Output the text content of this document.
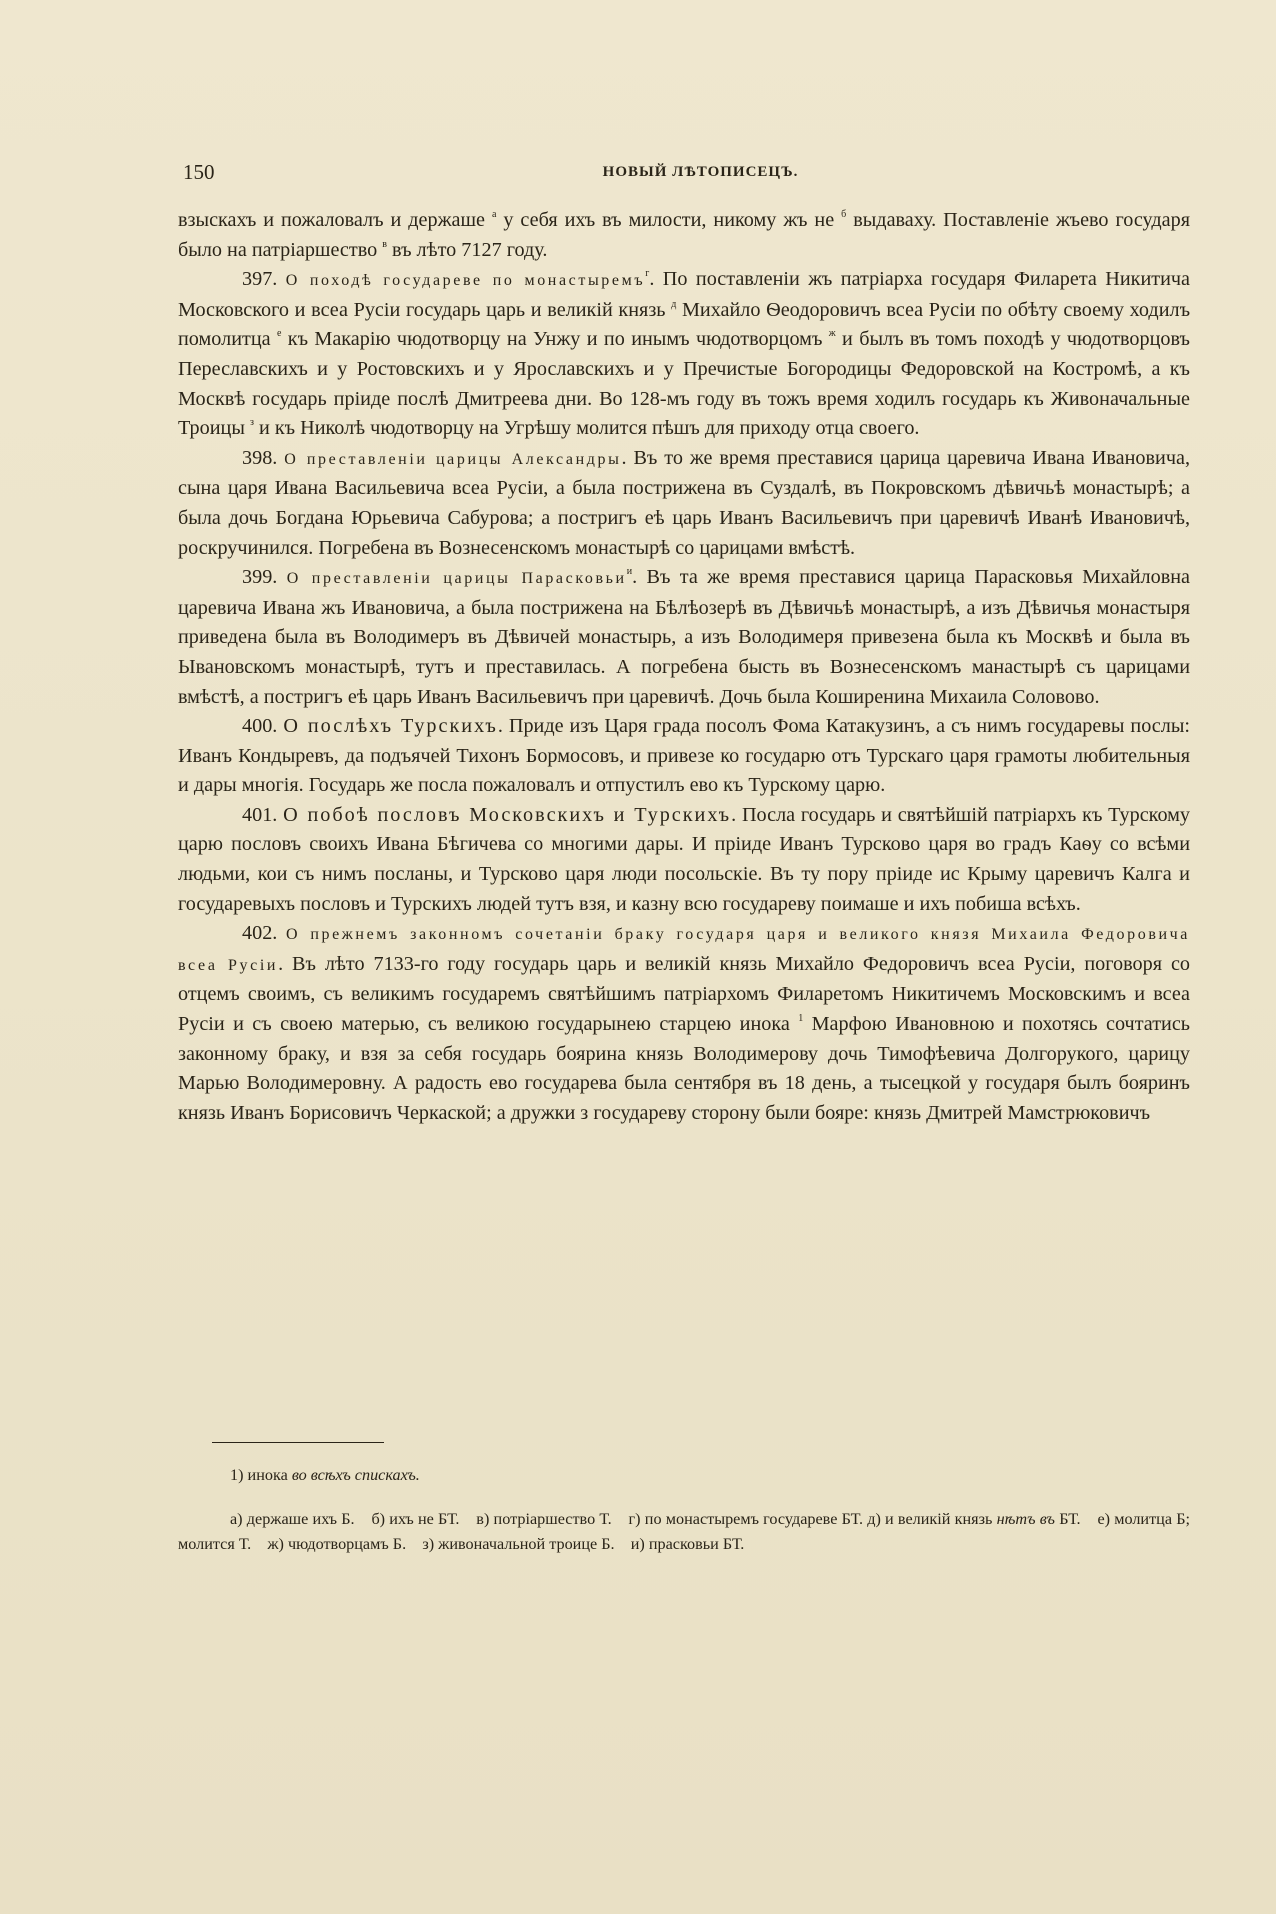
150	НОВЫЙ ЛѢТОПИСЕЦЪ.

взыскахъ и пожаловалъ и держаше $^а$ у себя ихъ въ милости, никому жъ не $^б$ выдаваху. Поставленіе жъево государя было на патріаршество $^в$ въ лѣто 7127 году.

397. О походѣ государеве по монастыремъ$^г$. По поставленіи жъ патріарха государя Филарета Никитича Московского и всеа Русіи государь царь и великій князь $^д$ Михайло Ѳеодоровичъ всеа Русіи по обѣту своему ходилъ помолитца $^е$ къ Макарію чюдотворцу на Унжу и по инымъ чюдотворцомъ $^ж$ и былъ въ томъ походѣ у чюдотворцовъ Переславскихъ и у Ростовскихъ и у Ярославскихъ и у Пречистые Богородицы Федоровской на Костромѣ, а къ Москвѣ государь пріиде послѣ Дмитреева дни. Во 128-мъ году въ тожъ время ходилъ государь къ Живоначальные Троицы $^з$ и къ Николѣ чюдотворцу на Угрѣшу молится пѣшъ для приходу отца своего.

398. О преставленіи царицы Александры. Въ то же время преставися царица царевича Ивана Ивановича, сына царя Ивана Васильевича всеа Русіи, а была пострижена въ Суздалѣ, въ Покровскомъ дѣвичьѣ монастырѣ; а была дочь Богдана Юрьевича Сабурова; а постригъ еѣ царь Иванъ Васильевичъ при царевичѣ Иванѣ Ивановичѣ, роскручинился. Погребена въ Вознесенскомъ монастырѣ со царицами вмѣстѣ.

399. О преставленіи царицы Парасковьи$^и$. Въ та же время преставися царица Парасковья Михайловна царевича Ивана жъ Ивановича, а была пострижена на Бѣлѣозерѣ въ Дѣвичьѣ монастырѣ, а изъ Дѣвичья монастыря приведена была въ Володимеръ въ Дѣвичей монастырь, а изъ Володимеря привезена была къ Москвѣ и была въ Ывановскомъ монастырѣ, тутъ и преставилась. А погребена бысть въ Вознесенскомъ манастырѣ съ царицами вмѣстѣ, а постригъ еѣ царь Иванъ Васильевичъ при царевичѣ. Дочь была Коширенина Михаила Соловово.

400. О послѣхъ Турскихъ. Приде изъ Царя града посолъ Фома Катакузинъ, а съ нимъ государевы послы: Иванъ Кондыревъ, да подъячей Тихонъ Бормосовъ, и привезе ко государю отъ Турскаго царя грамоты любительныя и дары многія. Государь же посла пожаловалъ и отпустилъ ево къ Турскому царю.

401. О побоѣ пословъ Московскихъ и Турскихъ. Посла государь и святѣйшій патріархъ къ Турскому царю пословъ своихъ Ивана Бѣгичева со многими дары. И пріиде Иванъ Турсково царя во градъ Каѳу со всѣми людьми, кои съ нимъ посланы, и Турсково царя люди посольскіе. Въ ту пору пріиде ис Крыму царевичъ Калга и государевыхъ пословъ и Турскихъ людей тутъ взя, и казну всю государеву поимаше и ихъ побиша всѣхъ.

402. О прежнемъ законномъ сочетаніи браку государя царя и великого князя Михаила Федоровича всеа Русіи. Въ лѣто 7133-го году государь царь и великій князь Михайло Федоровичъ всеа Русіи, поговоря со отцемъ своимъ, съ великимъ государемъ святѣйшимъ патріархомъ Филаретомъ Никитичемъ Московскимъ и всеа Русіи и съ своею матерью, съ великою государынею старцею инока $^1$ Марфою Ивановною и похотясь сочтатись законному браку, и взя за себя государь боярина князь Володимерову дочь Тимофѣевича Долгорукого, царицу Марью Володимеровну. А радость ево государева была сентября въ 18 день, а тысецкой у государя былъ бояринъ князь Иванъ Борисовичъ Черкаской; а дружки з государеву сторону были бояре: князь Дмитрей Мамстрюковичъ

1) инока во всѣхъ спискахъ.

а) держаше ихъ Б. б) ихъ не БТ. в) потріаршество Т. г) по монастыремъ государеве БТ. д) и великій князь нѣтъ въ БТ. е) молитца Б; молится Т. ж) чюдотворцамъ Б. з) живоначальной троице Б. и) прасковьи БТ.
